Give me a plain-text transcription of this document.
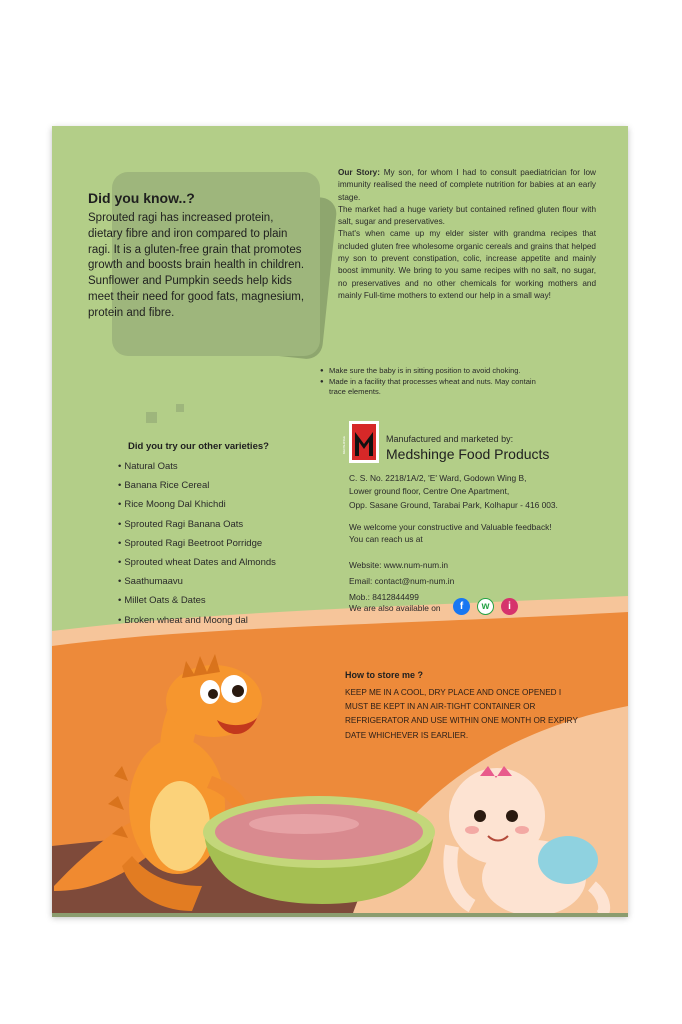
Did you know..?
Sprouted ragi has increased protein, dietary fibre and iron compared to plain ragi. It is a gluten-free grain that promotes growth and boosts brain health in children. Sunflower and Pumpkin seeds help kids meet their need for good fats, magnesium, protein and fibre.
Our Story: My son, for whom I had to consult paediatrician for low immunity realised the need of complete nutrition for babies at an early stage.
The market had a huge variety but contained refined gluten flour with salt, sugar and preservatives.
That's when came up my elder sister with grandma recipes that included gluten free wholesome organic cereals and grains that helped my son to prevent constipation, colic, increase appetite and mainly boost immunity. We bring to you same recipes with no salt, no sugar, no preservatives and no other chemicals for working mothers and mainly Full-time mothers to extend our help in a small way!
● Make sure the baby is in sitting position to avoid choking.
● Made in a facility that processes wheat and nuts. May contain trace elements.
Manufactured and marketed by:
Medshinge Food Products
MEDSHINGE
C. S. No. 2218/1A/2, 'E' Ward, Godown Wing B,
Lower ground floor, Centre One Apartment,
Opp. Sasane Ground, Tarabai Park, Kolhapur - 416 003.
We welcome your constructive and Valuable feedback!
You can reach us at
Website: www.num-num.in
Email: contact@num-num.in
Mob.: 8412844499
We are also available on	f	w	i
Did you try our other varieties?
• Natural Oats
• Banana Rice Cereal
• Rice Moong Dal Khichdi
• Sprouted Ragi Banana Oats
• Sprouted Ragi Beetroot Porridge
• Sprouted wheat Dates and Almonds
• Saathumaavu
• Millet Oats & Dates
• Broken wheat and Moong dal
How to store me ?
KEEP ME IN A COOL, DRY PLACE AND ONCE OPENED I MUST BE KEPT IN AN AIR-TIGHT CONTAINER OR REFRIGERATOR AND USE WITHIN ONE MONTH OR EXPIRY DATE WHICHEVER IS EARLIER.
